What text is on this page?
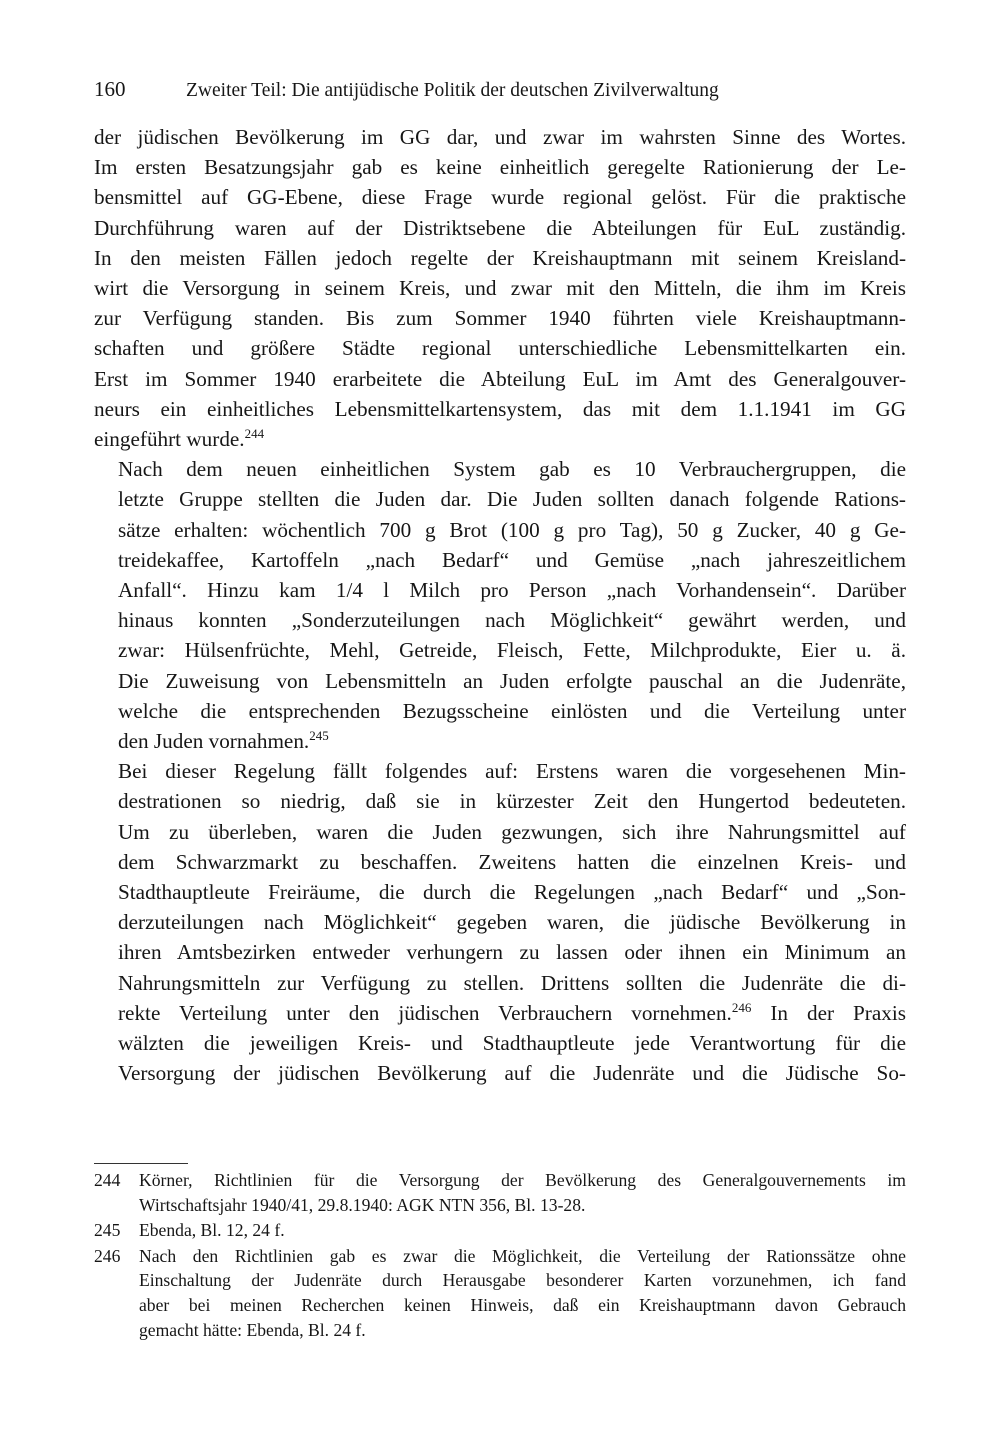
160	Zweiter Teil: Die antijüdische Politik der deutschen Zivilverwaltung

der jüdischen Bevölkerung im GG dar, und zwar im wahrsten Sinne des Wortes.
Im ersten Besatzungsjahr gab es keine einheitlich geregelte Rationierung der Le-
bensmittel auf GG-Ebene, diese Frage wurde regional gelöst. Für die praktische
Durchführung waren auf der Distriktsebene die Abteilungen für EuL zuständig.
In den meisten Fällen jedoch regelte der Kreishauptmann mit seinem Kreisland-
wirt die Versorgung in seinem Kreis, und zwar mit den Mitteln, die ihm im Kreis
zur Verfügung standen. Bis zum Sommer 1940 führten viele Kreishauptmann-
schaften und größere Städte regional unterschiedliche Lebensmittelkarten ein.
Erst im Sommer 1940 erarbeitete die Abteilung EuL im Amt des Generalgouver-
neurs ein einheitliches Lebensmittelkartensystem, das mit dem 1.1.1941 im GG
eingeführt wurde.$^{244}$

Nach dem neuen einheitlichen System gab es 10 Verbrauchergruppen, die
letzte Gruppe stellten die Juden dar. Die Juden sollten danach folgende Rations-
sätze erhalten: wöchentlich 700 g Brot (100 g pro Tag), 50 g Zucker, 40 g Ge-
treidekaffee, Kartoffeln „nach Bedarf“ und Gemüse „nach jahreszeitlichem
Anfall“. Hinzu kam 1/4 l Milch pro Person „nach Vorhandensein“. Darüber
hinaus konnten „Sonderzuteilungen nach Möglichkeit“ gewährt werden, und
zwar: Hülsenfrüchte, Mehl, Getreide, Fleisch, Fette, Milchprodukte, Eier u. ä.
Die Zuweisung von Lebensmitteln an Juden erfolgte pauschal an die Judenräte,
welche die entsprechenden Bezugsscheine einlösten und die Verteilung unter
den Juden vornahmen.$^{245}$

Bei dieser Regelung fällt folgendes auf: Erstens waren die vorgesehenen Min-
destrationen so niedrig, daß sie in kürzester Zeit den Hungertod bedeuteten.
Um zu überleben, waren die Juden gezwungen, sich ihre Nahrungsmittel auf
dem Schwarzmarkt zu beschaffen. Zweitens hatten die einzelnen Kreis- und
Stadthauptleute Freiräume, die durch die Regelungen „nach Bedarf“ und „Son-
derzuteilungen nach Möglichkeit“ gegeben waren, die jüdische Bevölkerung in
ihren Amtsbezirken entweder verhungern zu lassen oder ihnen ein Minimum an
Nahrungsmitteln zur Verfügung zu stellen. Drittens sollten die Judenräte die di-
rekte Verteilung unter den jüdischen Verbrauchern vornehmen.$^{246}$ In der Praxis
wälzten die jeweiligen Kreis- und Stadthauptleute jede Verantwortung für die
Versorgung der jüdischen Bevölkerung auf die Judenräte und die Jüdische So-

244	Körner, Richtlinien für die Versorgung der Bevölkerung des Generalgouvernements im
Wirtschaftsjahr 1940/41, 29.8.1940: AGK NTN 356, Bl. 13-28.
245	Ebenda, Bl. 12, 24 f.
246	Nach den Richtlinien gab es zwar die Möglichkeit, die Verteilung der Rationssätze ohne
Einschaltung der Judenräte durch Herausgabe besonderer Karten vorzunehmen, ich fand
aber bei meinen Recherchen keinen Hinweis, daß ein Kreishauptmann davon Gebrauch
gemacht hätte: Ebenda, Bl. 24 f.
